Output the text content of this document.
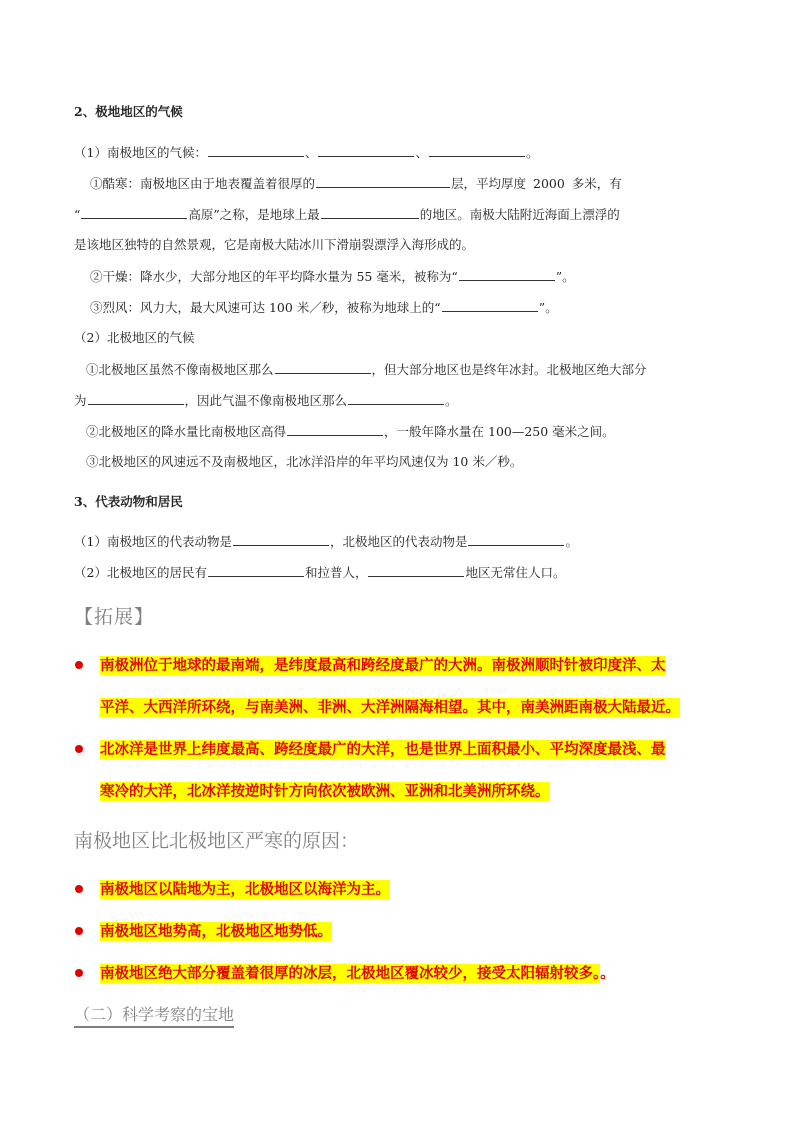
2、极地地区的气候
（1）南极地区的气候：	、	、	。
①酷寒：南极地区由于地表覆盖着很厚的	层，平均厚度 2000 多米，有
“	高原”之称，是地球上最	的地区。南极大陆附近海面上漂浮的
是该地区独特的自然景观，它是南极大陆冰川下滑崩裂漂浮入海形成的。
②干燥：降水少，大部分地区的年平均降水量为 55 毫米，被称为“	”。
③烈风：风力大，最大风速可达 100 米／秒，被称为地球上的“	”。
（2）北极地区的气候
①北极地区虽然不像南极地区那么	，但大部分地区也是终年冰封。北极地区绝大部分
为	，因此气温不像南极地区那么	。
②北极地区的降水量比南极地区高得	，一般年降水量在 100—250 毫米之间。
③北极地区的风速远不及南极地区，北冰洋沿岸的年平均风速仅为 10 米／秒。
3、代表动物和居民
（1）南极地区的代表动物是	，北极地区的代表动物是	。
（2）北极地区的居民有	和拉普人，	地区无常住人口。
【拓展】
南极洲位于地球的最南端，是纬度最高和跨经度最广的大洲。南极洲顺时针被印度洋、太
平洋、大西洋所环绕，与南美洲、非洲、大洋洲隔海相望。其中，南美洲距南极大陆最近。
北冰洋是世界上纬度最高、跨经度最广的大洋，也是世界上面积最小、平均深度最浅、最
寒冷的大洋，北冰洋按逆时针方向依次被欧洲、亚洲和北美洲所环绕。
南极地区比北极地区严寒的原因：
南极地区以陆地为主，北极地区以海洋为主。
南极地区地势高，北极地区地势低。
南极地区绝大部分覆盖着很厚的冰层，北极地区覆冰较少，接受太阳辐射较多。。
（二）科学考察的宝地
